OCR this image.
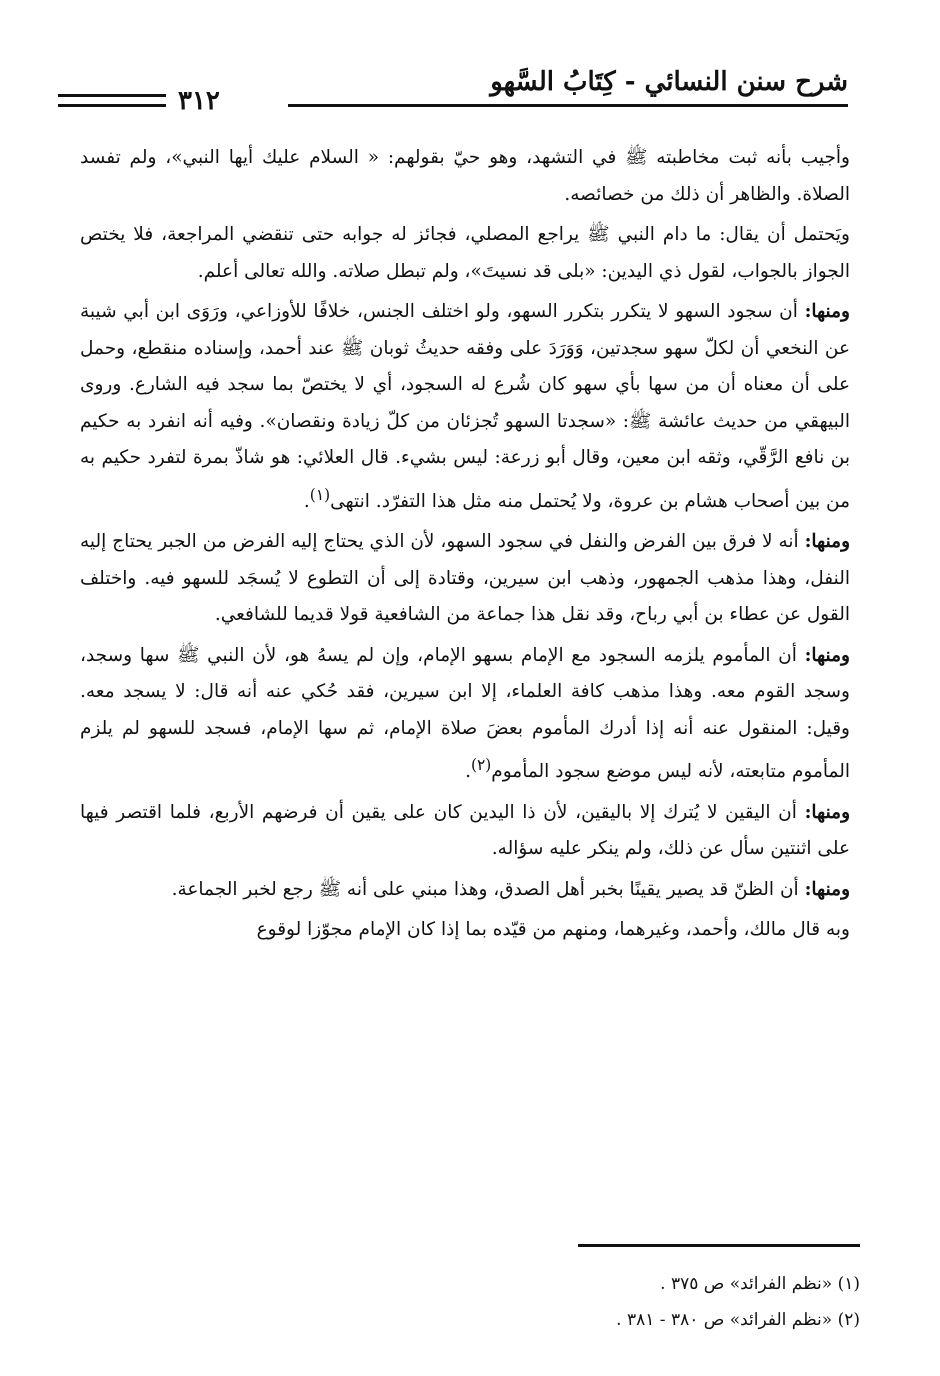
شرح سنن النسائي - كِتَابُ السَّهو
٣١٢

وأجيب بأنه ثبت مخاطبته ﷺ في التشهد، وهو حيّ بقولهم: « السلام عليك أيها النبي»، ولم تفسد الصلاة. والظاهر أن ذلك من خصائصه.

ويَحتمل أن يقال: ما دام النبي ﷺ يراجع المصلي، فجائز له جوابه حتى تنقضي المراجعة، فلا يختص الجواز بالجواب، لقول ذي اليدين: «بلى قد نسيتَ»، ولم تبطل صلاته. والله تعالى أعلم.

ومنها: أن سجود السهو لا يتكرر بتكرر السهو، ولو اختلف الجنس، خلافًا للأوزاعي، ورَوَى ابن أبي شيبة عن النخعي أن لكلّ سهو سجدتين، وَوَرَدَ على وفقه حديثُ ثوبان ﷺ عند أحمد، وإسناده منقطع، وحمل على أن معناه أن من سها بأي سهو كان شُرع له السجود، أي لا يختصّ بما سجد فيه الشارع. وروى البيهقي من حديث عائشة ﷺ: «سجدتا السهو تُجزئان من كلّ زيادة ونقصان». وفيه أنه انفرد به حكيم بن نافع الرَّقّي، وثقه ابن معين، وقال أبو زرعة: ليس بشيء. قال العلائي: هو شاذّ بمرة لتفرد حكيم به من بين أصحاب هشام بن عروة، ولا يُحتمل منه مثل هذا التفرّد. انتهى$^{(١)}$.

ومنها: أنه لا فرق بين الفرض والنفل في سجود السهو، لأن الذي يحتاج إليه الفرض من الجبر يحتاج إليه النفل، وهذا مذهب الجمهور، وذهب ابن سيرين، وقتادة إلى أن التطوع لا يُسجَد للسهو فيه. واختلف القول عن عطاء بن أبي رباح، وقد نقل هذا جماعة من الشافعية قولا قديما للشافعي.

ومنها: أن المأموم يلزمه السجود مع الإمام بسهو الإمام، وإن لم يسهُ هو، لأن النبي ﷺ سها وسجد، وسجد القوم معه. وهذا مذهب كافة العلماء، إلا ابن سيرين، فقد حُكي عنه أنه قال: لا يسجد معه. وقيل: المنقول عنه أنه إذا أدرك المأموم بعضَ صلاة الإمام، ثم سها الإمام، فسجد للسهو لم يلزم المأموم متابعته، لأنه ليس موضع سجود المأموم$^{(٢)}$.

ومنها: أن اليقين لا يُترك إلا باليقين، لأن ذا اليدين كان على يقين أن فرضهم الأربع، فلما اقتصر فيها على اثنتين سأل عن ذلك، ولم ينكر عليه سؤاله.

ومنها: أن الظنّ قد يصير يقينًا بخبر أهل الصدق، وهذا مبني على أنه ﷺ رجع لخبر الجماعة.

وبه قال مالك، وأحمد، وغيرهما، ومنهم من قيّده بما إذا كان الإمام مجوّزا لوقوع

(١) «نظم الفرائد» ص ٣٧٥ .
(٢) «نظم الفرائد» ص ٣٨٠ - ٣٨١ .
